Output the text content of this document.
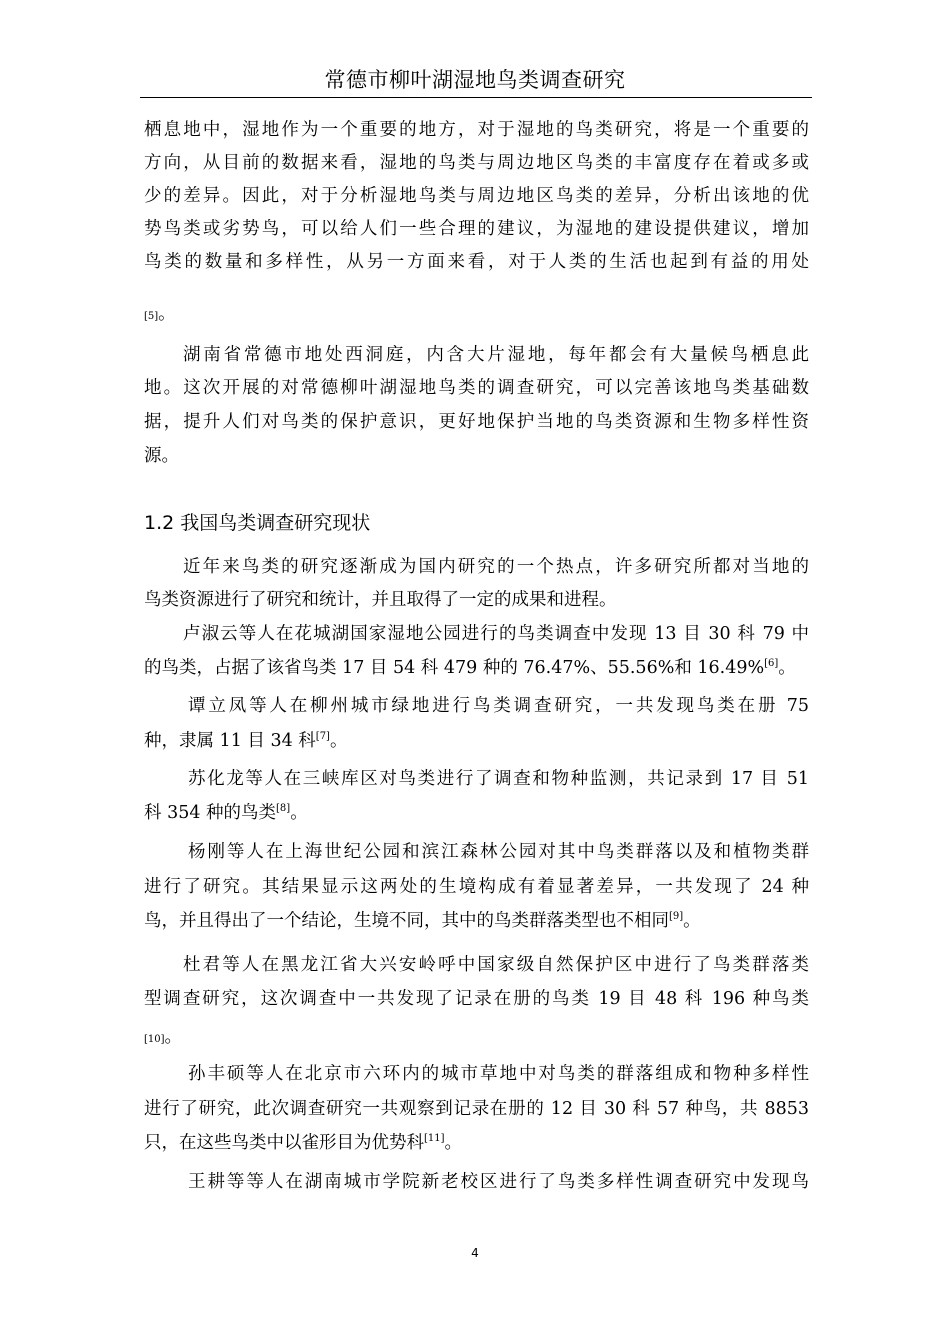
常德市柳叶湖湿地鸟类调查研究
栖息地中，湿地作为一个重要的地方，对于湿地的鸟类研究，将是一个重要的
方向，从目前的数据来看，湿地的鸟类与周边地区鸟类的丰富度存在着或多或
少的差异。因此，对于分析湿地鸟类与周边地区鸟类的差异，分析出该地的优
势鸟类或劣势鸟，可以给人们一些合理的建议，为湿地的建设提供建议，增加
鸟类的数量和多样性，从另一方面来看，对于人类的生活也起到有益的用处
[5]。
湖南省常德市地处西洞庭，内含大片湿地，每年都会有大量候鸟栖息此
地。这次开展的对常德柳叶湖湿地鸟类的调查研究，可以完善该地鸟类基础数
据，提升人们对鸟类的保护意识，更好地保护当地的鸟类资源和生物多样性资
源。
1.2 我国鸟类调查研究现状
近年来鸟类的研究逐渐成为国内研究的一个热点，许多研究所都对当地的
鸟类资源进行了研究和统计，并且取得了一定的成果和进程。
卢淑云等人在花城湖国家湿地公园进行的鸟类调查中发现 13 目 30 科 79 中
的鸟类，占据了该省鸟类 17 目 54 科 479 种的 76.47%、55.56%和 16.49%[6]。
谭立凤等人在柳州城市绿地进行鸟类调查研究，一共发现鸟类在册 75
种，隶属 11 目 34 科[7]。
苏化龙等人在三峡库区对鸟类进行了调查和物种监测，共记录到 17 目 51
科 354 种的鸟类[8]。
杨刚等人在上海世纪公园和滨江森林公园对其中鸟类群落以及和植物类群
进行了研究。其结果显示这两处的生境构成有着显著差异，一共发现了 24 种
鸟，并且得出了一个结论，生境不同，其中的鸟类群落类型也不相同[9]。
杜君等人在黑龙江省大兴安岭呼中国家级自然保护区中进行了鸟类群落类
型调查研究，这次调查中一共发现了记录在册的鸟类 19 目 48 科 196 种鸟类
[10]。
孙丰硕等人在北京市六环内的城市草地中对鸟类的群落组成和物种多样性
进行了研究，此次调查研究一共观察到记录在册的 12 目 30 科 57 种鸟，共 8853
只，在这些鸟类中以雀形目为优势科[11]。
王耕等等人在湖南城市学院新老校区进行了鸟类多样性调查研究中发现鸟
4
